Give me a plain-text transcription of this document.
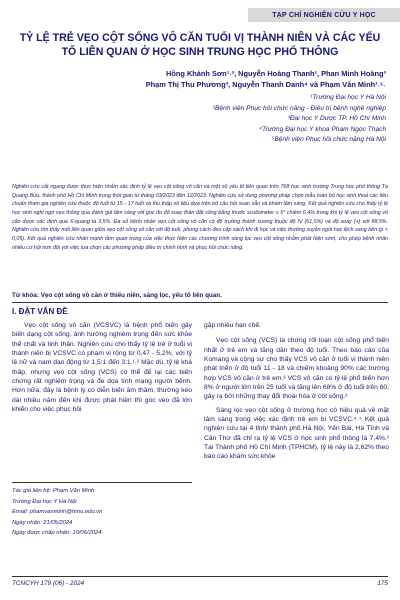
TẠP CHÍ NGHIÊN CỨU Y HỌC
TỶ LỆ TRẺ VẸO CỘT SỐNG VÔ CĂN TUỔI VỊ THÀNH NIÊN VÀ CÁC YẾU TỐ LIÊN QUAN Ở HỌC SINH TRUNG HỌC PHỔ THÔNG
Hồng Khánh Sơn¹˒³, Nguyễn Hoàng Thanh¹, Phan Minh Hoàng³
Phạm Thị Thu Phương³, Nguyễn Thanh Danh⁴ và Phạm Văn Minh¹˒⁵˒
¹Trường Đại học Y Hà Nội
²Bệnh viện Phục hồi chức năng - Điều trị bệnh nghề nghiệp
³Đại học Y Dược TP. Hồ Chí Minh
⁴Trường Đại học Y khoa Phạm Ngọc Thạch
⁵Bệnh viện Phục hồi chức năng Hà Nội
Nghiên cứu cắt ngang được thực hiện nhằm xác định tỷ lệ vẹo cột sống vô căn và một số yếu tố liên quan trên 768 học sinh trường Trung học phổ thông Tạ Quang Bửu, thành phố Hồ Chí Minh trong thời gian từ tháng 03/2023 đến 12/2023. Nghiên cứu sử dụng phương pháp chọn mẫu toàn bộ học sinh thoả các tiêu chuẩn tham gia nghiên cứu thuộc độ tuổi từ 15 - 17 tuổi và thu thập số liệu dựa trên bộ câu hỏi soạn sẵn và khám lâm sàng. Kết quả nghiên cứu cho thấy tỷ lệ học sinh nghi ngờ vẹo thông qua đánh giá lâm sàng với góc đo độ xoay thân đặt sống bằng thước scoliometer ≥ 5° chiếm 6,4% trong khi tỷ lệ vẹo cột sống vô căn được xác định qua X-quang là 3,5%. Đa số bệnh nhân vẹo cột sống vô căn có độ trưởng thành xương thuộc độ IV (61,5%) và độ xoay (+) với 88,5%. Nghiên cứu tìm thấy mối liên quan giữa vẹo cột sống vô căn với độ tuổi, phong cách đeo cặp sách khi đi học và việc thường xuyên ngồi học lệch sang bên (p < 0,05). Kết quả nghiên cứu nhấn mạnh tầm quan trọng của việc thực hiện các chương trình sàng lọc vẹo cột sống nhằm phát hiện sớm, cho phép bệnh nhân nhiều cơ hội hơn đối với việc lựa chọn các phương pháp điều trị chỉnh hình và phục hồi chức năng.
Từ khóa: Vẹo cột sống vô căn ở thiếu niên, sàng lọc, yếu tố liên quan.
I. ĐẶT VẤN ĐỀ

Vẹo cột sống vô căn (VCSVC) là bệnh phổ biến gây biến dạng cột sống, ảnh hưởng nghiêm trọng đến sức khỏe thể chất và tinh thần. Nghiên cứu cho thấy tỷ lệ trẻ ở tuổi vị thành niên bị VCSVC có phạm vi rộng từ 0,47 - 5,2%, với tỷ lệ nữ và nam dao động từ 1,5:1 đến 3:1.¹˒² Mặc dù, tỷ lệ khá thấp, nhưng vẹo cột sống (VCS) có thể để lại các biến chứng rất nghiêm trọng và đe dọa tính mạng người bệnh. Hơn nữa, đây là bệnh lý có diễn biến âm thầm, thường kéo dài nhiều năm đến khi được phát hiện thì góc vẹo đã lớn khiến cho việc phục hồi

gặp nhiều hạn chế.

Vẹo cột sống (VCS) là chứng rối loạn cột sống phổ biến nhất ở trẻ em và tăng dần theo độ tuổi. Theo báo cáo của Komang và cộng sự cho thấy VCS vô căn ở tuổi vị thành niên phát triển ở độ tuổi 11 - 18 và chiếm khoảng 90% các trường hợp VCS vô căn ở trẻ em.³ VCS vô căn có tỷ lệ phổ biến hơn 8% ở người lớn trên 25 tuổi và tăng lên 68% ở độ tuổi trên 60, gây ra bởi những thay đổi thoái hóa ở cột sống.³

Sàng lọc vẹo cột sống ở trường học có hiệu quả về mặt lâm sàng trong việc xác định trẻ em bị VCSVC.⁴˒⁵ Kết quả nghiên cứu tại 4 tỉnh/ thành phố Hà Nội, Yên Bái, Hà Tĩnh và Cần Thơ đã chỉ ra tỷ lệ VCS ở học sinh phổ thông là 7,4%.² Tại Thành phố Hồ Chí Minh (TPHCM), tỷ lệ này là 2,62% theo báo cáo khám sức khỏe

Tác giả liên hệ: Phạm Văn Minh
Trường Đại học Y Hà Nội
Email: phamvanminh@hmu.edu.vn
Ngày nhận: 21/05/2024
Ngày được chấp nhận: 10/06/2024
TCNCYH 179 (06) - 2024	175
